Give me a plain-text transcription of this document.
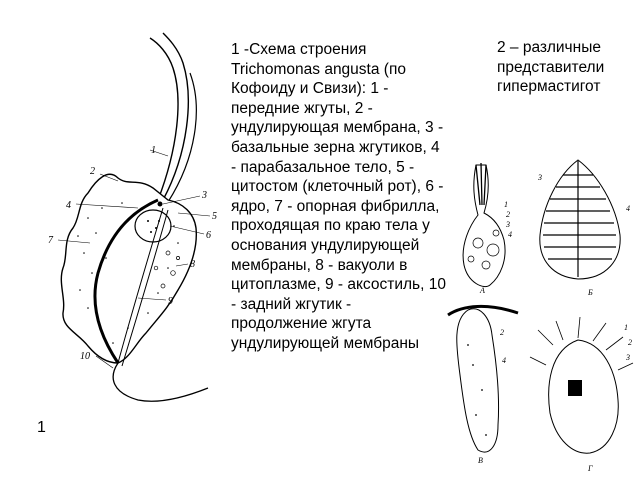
1
2
3
4
5
6
7
8
9
10
1
1 -Схема строения Trichomonas angusta (по Кофоиду и Свизи): 1 - передние жгуты, 2 - ундулирующая мембрана, 3 - базальные зерна жгутиков, 4 - парабазальное тело, 5 - цитостом (клеточный рот), 6 - ядро, 7 - опорная фибрилла, проходящая по краю тела у основания ундулирующей мембраны, 8 - вакуоли в цитоплазме, 9 - аксостиль, 10 - задний жгутик - продолжение жгута ундулирующей мембраны
2 – различные представители гипермастигот
1
2
3
4
А
3
4
Б
2
4
В
1
2
3
Г
